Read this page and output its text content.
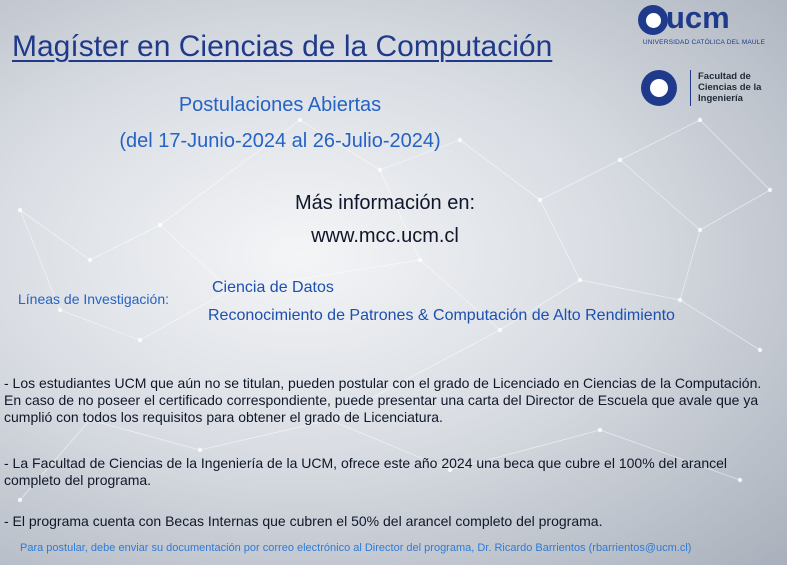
ucm
UNIVERSIDAD CATÓLICA DEL MAULE
Facultad de
Ciencias de la
Ingeniería
Magíster en Ciencias de la Computación
Postulaciones Abiertas
(del 17-Junio-2024 al 26-Julio-2024)
Más información en:
www.mcc.ucm.cl
Líneas de Investigación:
Ciencia de Datos
Reconocimiento de Patrones & Computación de Alto Rendimiento
- Los estudiantes UCM que aún no se titulan, pueden postular con el grado de Licenciado en Ciencias de la Computación. En caso de no poseer el certificado correspondiente, puede presentar una carta del Director de Escuela que avale que ya cumplió con todos los requisitos para obtener el grado de Licenciatura.
- La Facultad de Ciencias de la Ingeniería de la UCM, ofrece este año 2024 una beca que cubre el 100% del arancel completo del programa.
- El programa cuenta con Becas Internas que cubren el 50% del arancel completo del programa.
Para postular, debe enviar su documentación por correo electrónico al Director del programa, Dr. Ricardo Barrientos (rbarrientos@ucm.cl)
